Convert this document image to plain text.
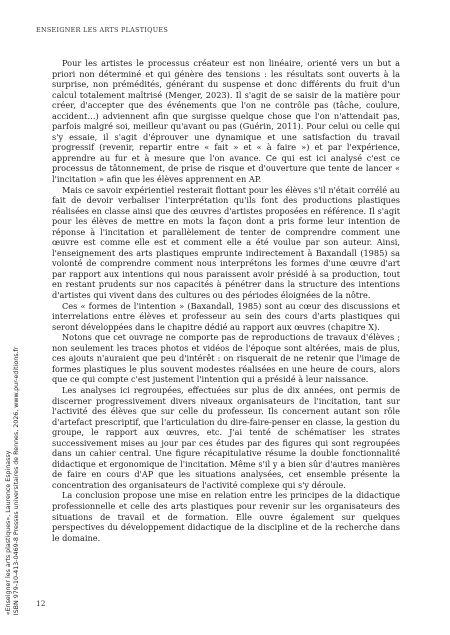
ENSEIGNER LES ARTS PLASTIQUES

Pour les artistes le processus créateur est non linéaire, orienté vers un but a priori non déterminé et qui génère des tensions : les résultats sont ouverts à la surprise, non prémédités, générant du suspense et donc différents du fruit d'un calcul totalement maîtrisé (Menger, 2023). Il s'agit de se saisir de la matière pour créer, d'accepter que des événements que l'on ne contrôle pas (tâche, coulure, accident…) adviennent afin que surgisse quelque chose que l'on n'attendait pas, parfois malgré soi, meilleur qu'avant ou pas (Guérin, 2011). Pour celui ou celle qui s'y essaie, il s'agit d'éprouver une dynamique et une satisfaction du travail progressif (revenir, repartir entre « fait » et « à faire ») et par l'expérience, apprendre au fur et à mesure que l'on avance. Ce qui est ici analysé c'est ce processus de tâtonnement, de prise de risque et d'ouverture que tente de lancer « l'incitation » afin que les élèves apprennent en AP.

Mais ce savoir expérientiel resterait flottant pour les élèves s'il n'était corrélé au fait de devoir verbaliser l'interprétation qu'ils font des productions plastiques réalisées en classe ainsi que des œuvres d'artistes proposées en référence. Il s'agit pour les élèves de mettre en mots la façon dont a pris forme leur intention de réponse à l'incitation et parallèlement de tenter de comprendre comment une œuvre est comme elle est et comment elle a été voulue par son auteur. Ainsi, l'enseignement des arts plastiques emprunte indirectement à Baxandall (1985) sa volonté de comprendre comment nous interprétons les formes d'une œuvre d'art par rapport aux intentions qui nous paraissent avoir présidé à sa production, tout en restant prudents sur nos capacités à pénétrer dans la structure des intentions d'artistes qui vivent dans des cultures ou des périodes éloignées de la nôtre.

Ces « formes de l'intention » (Baxandall, 1985) sont au cœur des discussions et interrelations entre élèves et professeur au sein des cours d'arts plastiques qui seront développées dans le chapitre dédié au rapport aux œuvres (chapitre X).

Notons que cet ouvrage ne comporte pas de reproductions de travaux d'élèves ; non seulement les traces photos et vidéos de l'époque sont altérées, mais de plus, ces ajouts n'auraient que peu d'intérêt : on risquerait de ne retenir que l'image de formes plastiques le plus souvent modestes réalisées en une heure de cours, alors que ce qui compte c'est justement l'intention qui a présidé à leur naissance.

Les analyses ici regroupées, effectuées sur plus de dix années, ont permis de discerner progressivement divers niveaux organisateurs de l'incitation, tant sur l'activité des élèves que sur celle du professeur. Ils concernent autant son rôle d'artefact prescriptif, que l'articulation du dire-faire-penser en classe, la gestion du groupe, le rapport aux œuvres, etc. J'ai tenté de schématiser les strates successivement mises au jour par ces études par des figures qui sont regroupées dans un cahier central. Une figure récapitulative résume la double fonctionnalité didactique et ergonomique de l'incitation. Même s'il y a bien sûr d'autres manières de faire en cours d'AP que les situations analysées, cet ensemble présente la concentration des organisateurs de l'activité complexe qui s'y déroule.

La conclusion propose une mise en relation entre les principes de la didactique professionnelle et celle des arts plastiques pour revenir sur les organisateurs des situations de travail et de formation. Elle ouvre également sur quelques perspectives du développement didactique de la discipline et de la recherche dans le domaine.

12
«Enseigner les arts plastiques», Laurence Espinassy ISBN 979-10-413-0469-8 Presses universitaires de Rennes, 2026, www.pur-editions.fr
